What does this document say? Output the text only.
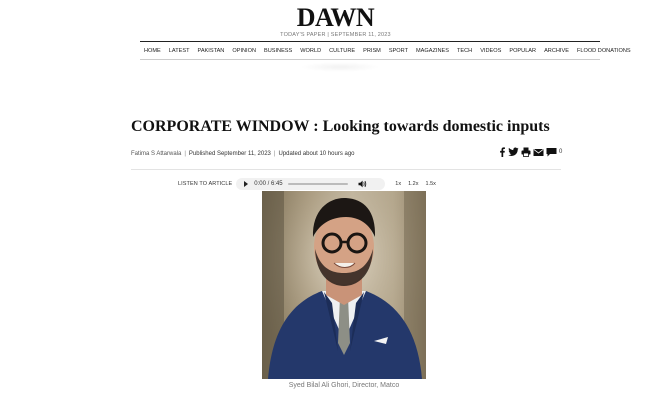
DAWN
TODAY'S PAPER | SEPTEMBER 11, 2023
HOME	LATEST	PAKISTAN	OPINION	BUSINESS	WORLD	CULTURE	PRISM	SPORT	MAGAZINES	TECH	VIDEOS	POPULAR	ARCHIVE	FLOOD DONATIONS
CORPORATE WINDOW : Looking towards domestic inputs
Fatima S Attarwala | Published September 11, 2023 | Updated about 10 hours ago	0
LISTEN TO ARTICLE	0:00 / 6:45	1x 1.2x 1.5x
Syed Bilal Ali Ghori, Director, Matco
